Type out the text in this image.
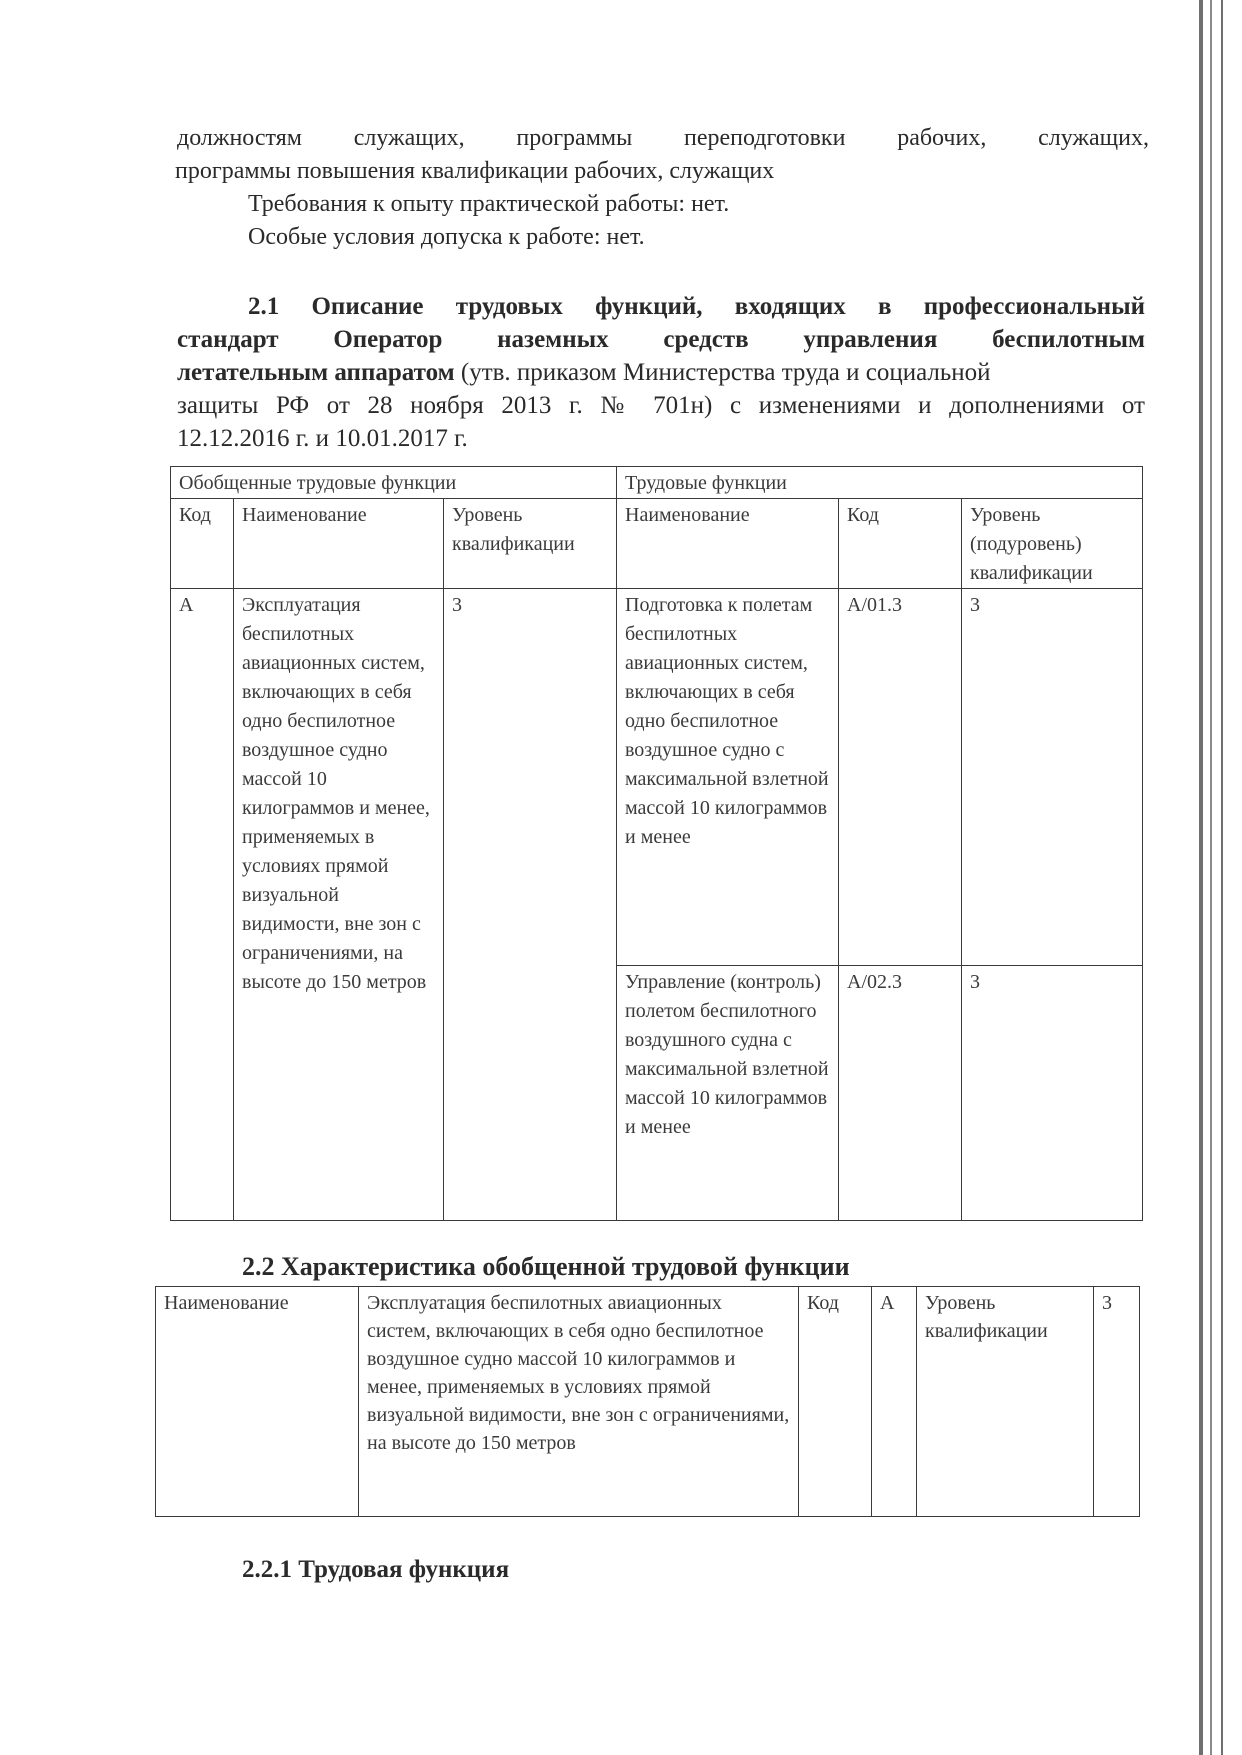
должностям служащих, программы переподготовки рабочих, служащих,
программы повышения квалификации рабочих, служащих
Требования к опыту практической работы: нет.
Особые условия допуска к работе: нет.
2.1 Описание трудовых функций, входящих в профессиональный
стандарт Оператор наземных средств управления беспилотным
летательным аппаратом (утв. приказом Министерства труда и социальной
защиты РФ от 28 ноября 2013 г. № 701н) с изменениями и дополнениями от
12.12.2016 г. и 10.01.2017 г.
Обобщенные трудовые функции			Трудовые функции		
Код	Наименование	Уровень квалификации	Наименование	Код	Уровень (подуровень) квалификации
А	Эксплуатация беспилотных авиационных систем, включающих в себя одно беспилотное воздушное судно массой 10 килограммов и менее, применяемых в условиях прямой визуальной видимости, вне зон с ограничениями, на высоте до 150 метров	3	Подготовка к полетам беспилотных авиационных систем, включающих в себя одно беспилотное воздушное судно с максимальной взлетной массой 10 килограммов и менее	А/01.3	3
			Управление (контроль) полетом беспилотного воздушного судна с максимальной взлетной массой 10 килограммов и менее	А/02.3	3
2.2 Характеристика обобщенной трудовой функции
Наименование	Эксплуатация беспилотных авиационных систем, включающих в себя одно беспилотное воздушное судно массой 10 килограммов и менее, применяемых в условиях прямой визуальной видимости, вне зон с ограничениями, на высоте до 150 метров	Код	А	Уровень квалификации	3
2.2.1 Трудовая функция
